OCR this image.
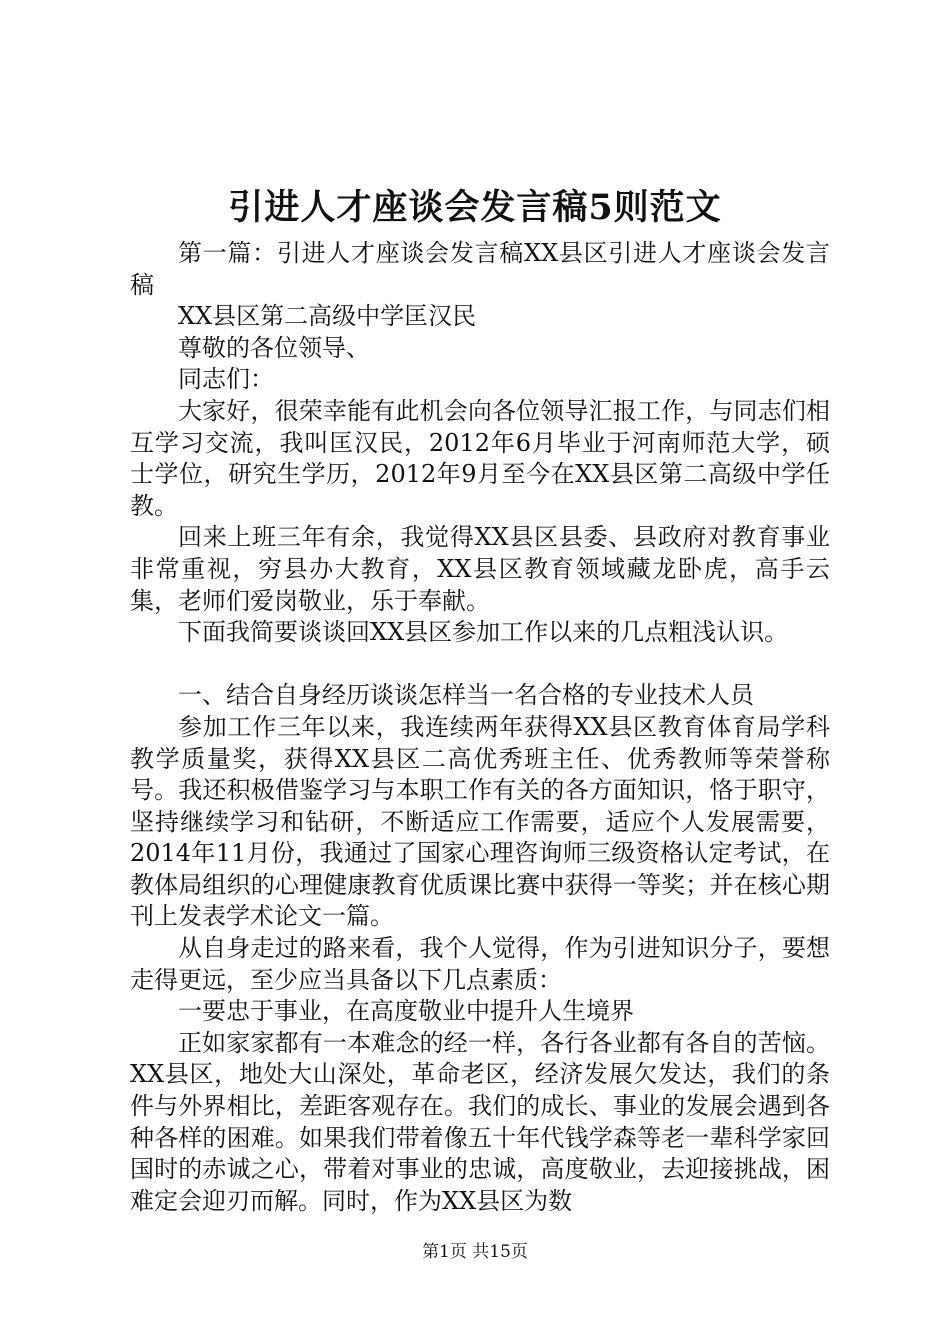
引进人才座谈会发言稿5则范文

第一篇：引进人才座谈会发言稿XX县区引进人才座谈会发言稿

XX县区第二高级中学匡汉民

尊敬的各位领导、

同志们：

大家好，很荣幸能有此机会向各位领导汇报工作，与同志们相互学习交流，我叫匡汉民，2012年6月毕业于河南师范大学，硕士学位，研究生学历，2012年9月至今在XX县区第二高级中学任教。

回来上班三年有余，我觉得XX县区县委、县政府对教育事业非常重视，穷县办大教育，XX县区教育领域藏龙卧虎，高手云集，老师们爱岗敬业，乐于奉献。

下面我简要谈谈回XX县区参加工作以来的几点粗浅认识。

一、结合自身经历谈谈怎样当一名合格的专业技术人员

参加工作三年以来，我连续两年获得XX县区教育体育局学科教学质量奖，获得XX县区二高优秀班主任、优秀教师等荣誉称号。我还积极借鉴学习与本职工作有关的各方面知识，恪于职守，坚持继续学习和钻研，不断适应工作需要，适应个人发展需要，2014年11月份，我通过了国家心理咨询师三级资格认定考试，在教体局组织的心理健康教育优质课比赛中获得一等奖；并在核心期刊上发表学术论文一篇。

从自身走过的路来看，我个人觉得，作为引进知识分子，要想走得更远，至少应当具备以下几点素质：

一要忠于事业，在高度敬业中提升人生境界

正如家家都有一本难念的经一样，各行各业都有各自的苦恼。XX县区，地处大山深处，革命老区，经济发展欠发达，我们的条件与外界相比，差距客观存在。我们的成长、事业的发展会遇到各种各样的困难。如果我们带着像五十年代钱学森等老一辈科学家回国时的赤诚之心，带着对事业的忠诚，高度敬业，去迎接挑战，困难定会迎刃而解。同时，作为XX县区为数

第1页 共15页
